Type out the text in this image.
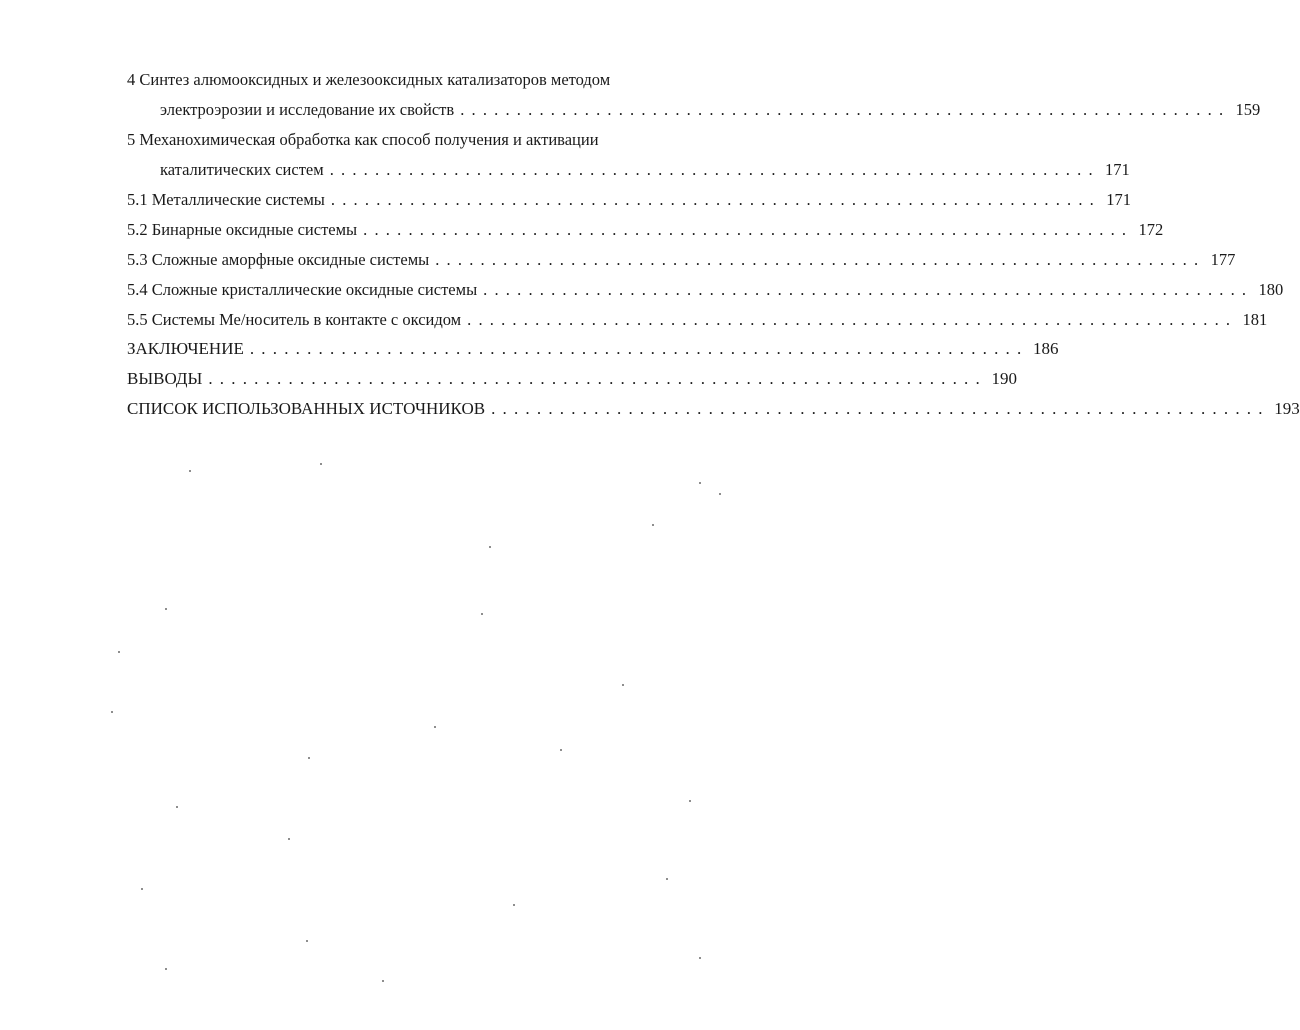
4 Синтез алюмооксидных и железооксидных катализаторов методом
электроэрозии и исследование их свойств .................................................................... 159
5 Механохимическая обработка как способ получения и активации
каталитических систем .................................................................... 171
5.1 Металлические системы .................................................................... 171
5.2 Бинарные оксидные системы .................................................................... 172
5.3 Сложные аморфные оксидные системы .................................................................... 177
5.4 Сложные кристаллические оксидные системы .................................................................... 180
5.5 Системы Ме/носитель в контакте с оксидом .................................................................... 181
ЗАКЛЮЧЕНИЕ .................................................................... 186
ВЫВОДЫ .................................................................... 190
СПИСОК ИСПОЛЬЗОВАННЫХ ИСТОЧНИКОВ .................................................................... 193
